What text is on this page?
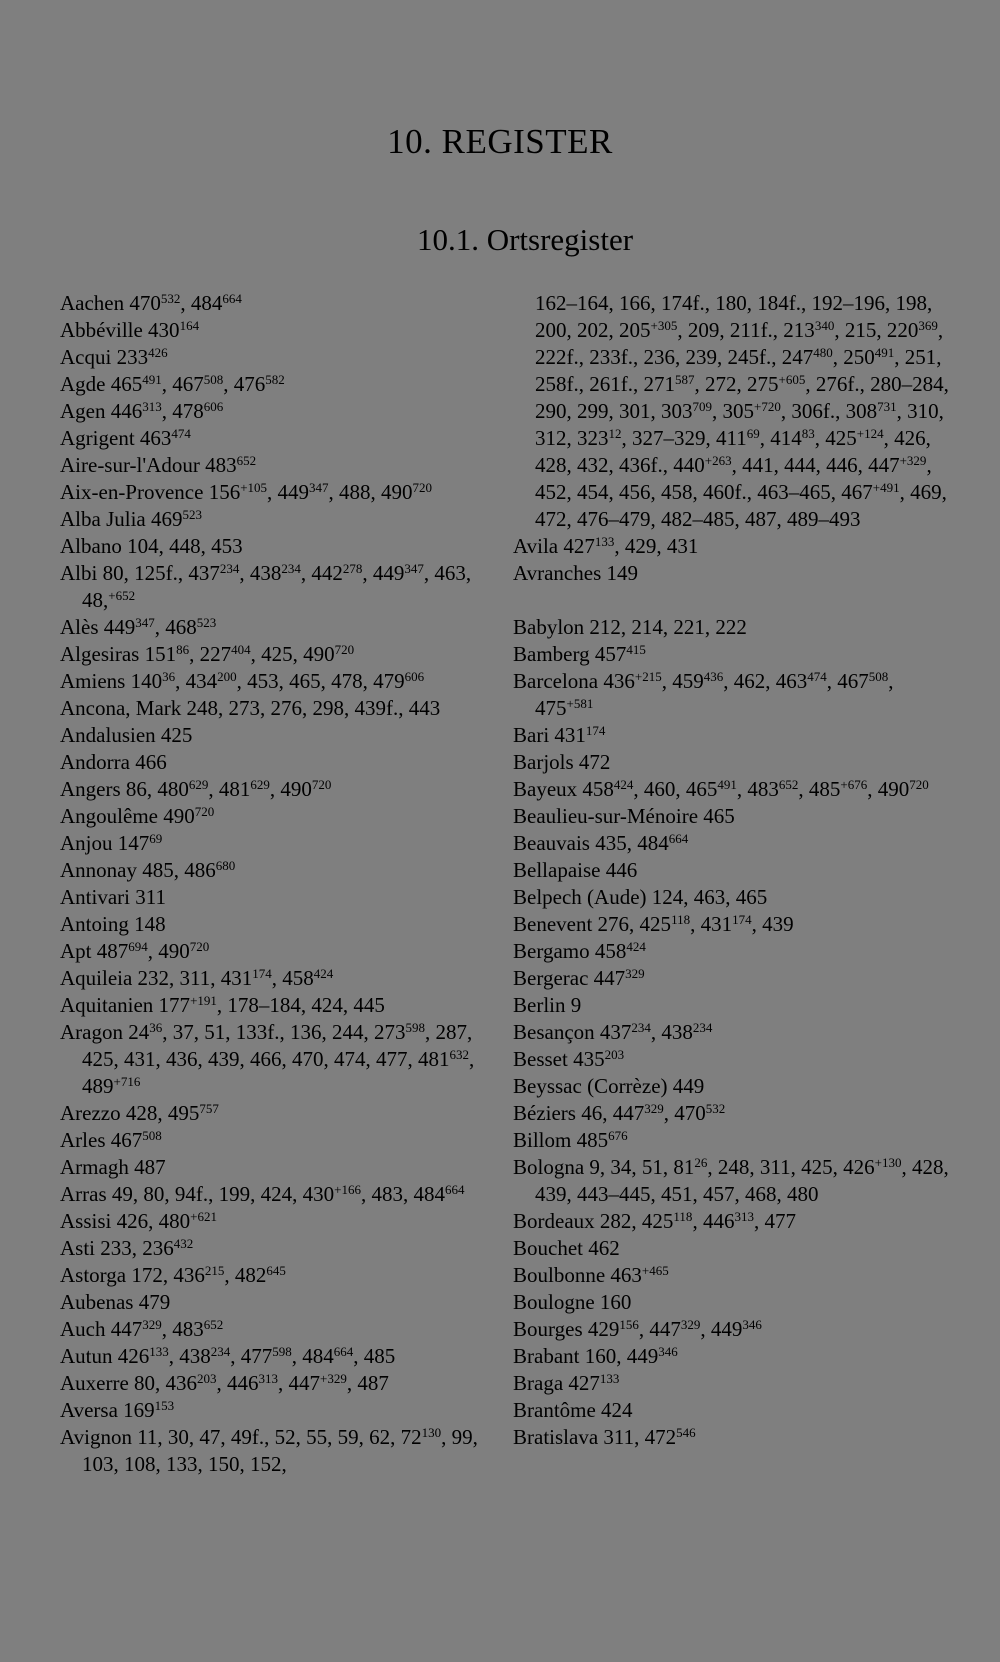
10. REGISTER
10.1. Ortsregister
Aachen $470^{532}$, $484^{664}$
Abbéville $430^{164}$
Acqui $233^{426}$
Agde $465^{491}$, $467^{508}$, $476^{582}$
Agen $446^{313}$, $478^{606}$
Agrigent $463^{474}$
Aire-sur-l'Adour $483^{652}$
Aix-en-Provence $156^{+105}$, $449^{347}$, 488, $490^{720}$
Alba Julia $469^{523}$
Albano 104, 448, 453
Albi 80, 125f., $437^{234}$, $438^{234}$, $442^{278}$, $449^{347}$, 463, 48,$^{+652}$
Alès $449^{347}$, $468^{523}$
Algesiras $151^{86}$, $227^{404}$, 425, $490^{720}$
Amiens $140^{36}$, $434^{200}$, 453, 465, 478, $479^{606}$
Ancona, Mark 248, 273, 276, 298, 439f., 443
Andalusien 425
Andorra 466
Angers 86, $480^{629}$, $481^{629}$, $490^{720}$
Angoulême $490^{720}$
Anjou $147^{69}$
Annonay 485, $486^{680}$
Antivari 311
Antoing 148
Apt $487^{694}$, $490^{720}$
Aquileia 232, 311, $431^{174}$, $458^{424}$
Aquitanien $177^{+191}$, 178–184, 424, 445
Aragon $24^{36}$, 37, 51, 133f., 136, 244, $273^{598}$, 287, 425, 431, 436, 439, 466, 470, 474, 477, $481^{632}$, $489^{+716}$
Arezzo 428, $495^{757}$
Arles $467^{508}$
Armagh 487
Arras 49, 80, 94f., 199, 424, $430^{+166}$, 483, $484^{664}$
Assisi 426, $480^{+621}$
Asti 233, $236^{432}$
Astorga 172, $436^{215}$, $482^{645}$
Aubenas 479
Auch $447^{329}$, $483^{652}$
Autun $426^{133}$, $438^{234}$, $477^{598}$, $484^{664}$, 485
Auxerre 80, $436^{203}$, $446^{313}$, $447^{+329}$, 487
Aversa $169^{153}$
Avignon 11, 30, 47, 49f., 52, 55, 59, 62, $72^{130}$, 99, 103, 108, 133, 150, 152,
162–164, 166, 174f., 180, 184f., 192–196, 198, 200, 202, $205^{+305}$, 209, 211f., $213^{340}$, 215, $220^{369}$, 222f., 233f., 236, 239, 245f., $247^{480}$, $250^{491}$, 251, 258f., 261f., $271^{587}$, 272, $275^{+605}$, 276f., 280–284, 290, 299, 301, $303^{709}$, $305^{+720}$, 306f., $308^{731}$, 310, 312, $323^{12}$, 327–329, $411^{69}$, $414^{83}$, $425^{+124}$, 426, 428, 432, 436f., $440^{+263}$, 441, 444, 446, $447^{+329}$, 452, 454, 456, 458, 460f., 463–465, $467^{+491}$, 469, 472, 476–479, 482–485, 487, 489–493
Avila $427^{133}$, 429, 431
Avranches 149
Babylon 212, 214, 221, 222
Bamberg $457^{415}$
Barcelona $436^{+215}$, $459^{436}$, 462, $463^{474}$, $467^{508}$, $475^{+581}$
Bari $431^{174}$
Barjols 472
Bayeux $458^{424}$, 460, $465^{491}$, $483^{652}$, $485^{+676}$, $490^{720}$
Beaulieu-sur-Ménoire 465
Beauvais 435, $484^{664}$
Bellapaise 446
Belpech (Aude) 124, 463, 465
Benevent 276, $425^{118}$, $431^{174}$, 439
Bergamo $458^{424}$
Bergerac $447^{329}$
Berlin 9
Besançon $437^{234}$, $438^{234}$
Besset $435^{203}$
Beyssac (Corrèze) 449
Béziers 46, $447^{329}$, $470^{532}$
Billom $485^{676}$
Bologna 9, 34, 51, $81^{26}$, 248, 311, 425, $426^{+130}$, 428, 439, 443–445, 451, 457, 468, 480
Bordeaux 282, $425^{118}$, $446^{313}$, 477
Bouchet 462
Boulbonne $463^{+465}$
Boulogne 160
Bourges $429^{156}$, $447^{329}$, $449^{346}$
Brabant 160, $449^{346}$
Braga $427^{133}$
Brantôme 424
Bratislava 311, $472^{546}$
